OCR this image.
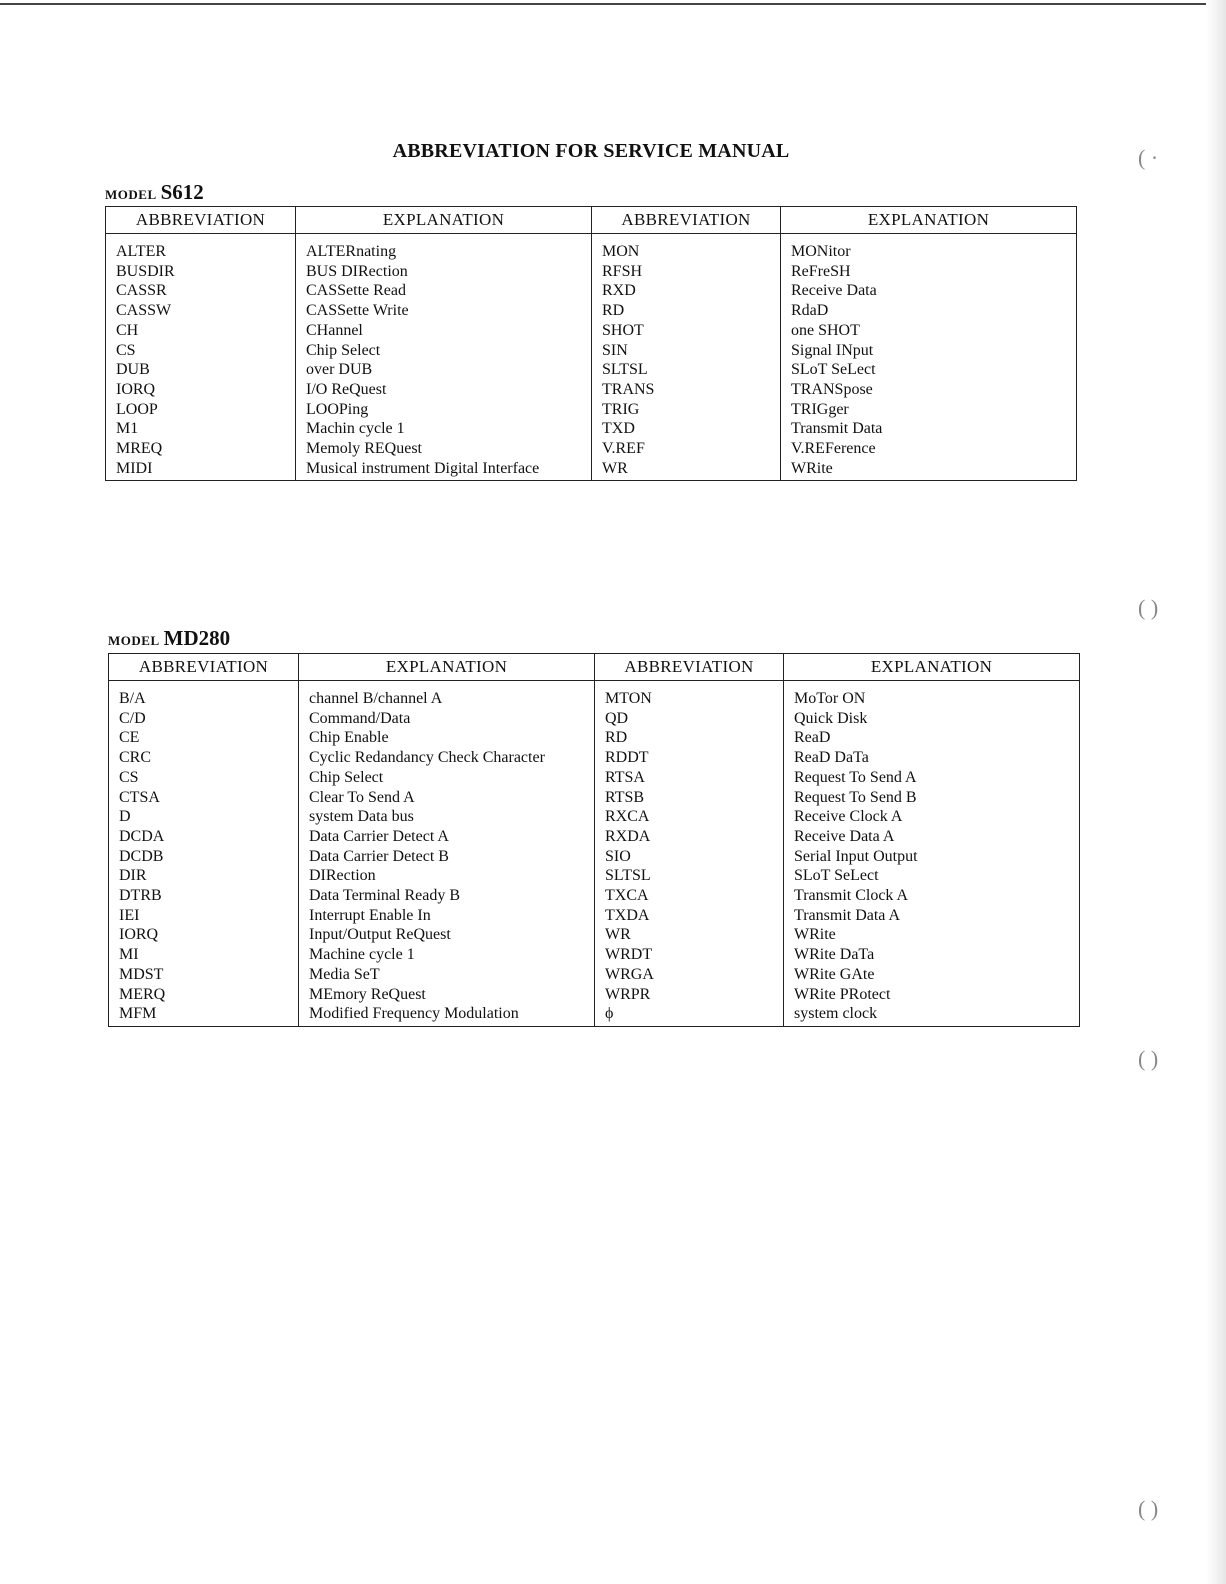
ABBREVIATION FOR SERVICE MANUAL
MODEL S612
ABBREVIATION	EXPLANATION	ABBREVIATION	EXPLANATION
ALTER	ALTERnating	MON	MONitor
BUSDIR	BUS DIRection	RFSH	ReFreSH
CASSR	CASSette Read	RXD	Receive Data
CASSW	CASSette Write	RD	RdaD
CH	CHannel	SHOT	one SHOT
CS	Chip Select	SIN	Signal INput
DUB	over DUB	SLTSL	SLoT SeLect
IORQ	I/O ReQuest	TRANS	TRANSpose
LOOP	LOOPing	TRIG	TRIGger
M1	Machin cycle 1	TXD	Transmit Data
MREQ	Memoly REQuest	V.REF	V.REFerence
MIDI	Musical instrument Digital Interface	WR	WRite
MODEL MD280
ABBREVIATION	EXPLANATION	ABBREVIATION	EXPLANATION
B/A	channel B/channel A	MTON	MoTor ON
C/D	Command/Data	QD	Quick Disk
CE	Chip Enable	RD	ReaD
CRC	Cyclic Redandancy Check Character	RDDT	ReaD DaTa
CS	Chip Select	RTSA	Request To Send A
CTSA	Clear To Send A	RTSB	Request To Send B
D	system Data bus	RXCA	Receive Clock A
DCDA	Data Carrier Detect A	RXDA	Receive Data A
DCDB	Data Carrier Detect B	SIO	Serial Input Output
DIR	DIRection	SLTSL	SLoT SeLect
DTRB	Data Terminal Ready B	TXCA	Transmit Clock A
IEI	Interrupt Enable In	TXDA	Transmit Data A
IORQ	Input/Output ReQuest	WR	WRite
MI	Machine cycle 1	WRDT	WRite DaTa
MDST	Media SeT	WRGA	WRite GAte
MERQ	MEmory ReQuest	WRPR	WRite PRotect
MFM	Modified Frequency Modulation	ϕ	system clock
( ·
( )
( )
( )
